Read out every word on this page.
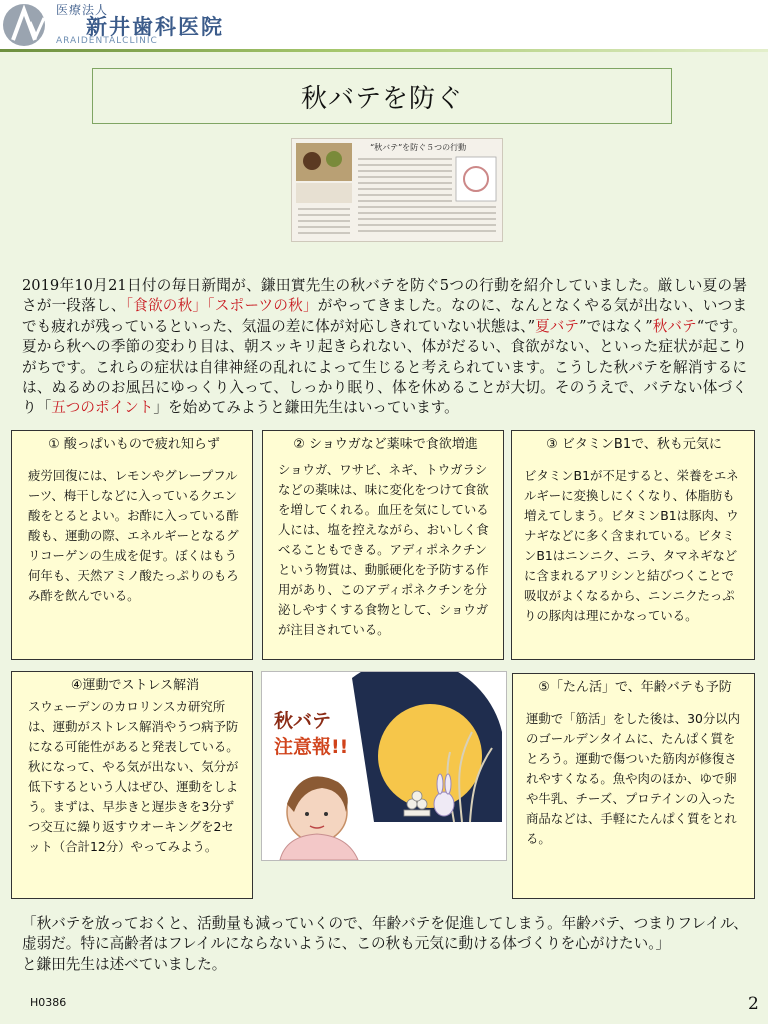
医療法人
新井歯科医院
ARAIDENTALCLINIC
秋バテを防ぐ
“秋バテ”を防ぐ５つの行動
2019年10月21日付の毎日新聞が、鎌田實先生の秋バテを防ぐ5つの行動を紹介していました。厳しい夏の暑さが一段落し、「食欲の秋」「スポーツの秋」がやってきました。なのに、なんとなくやる気が出ない、いつまでも疲れが残っているといった、気温の差に体が対応しきれていない状態は、”夏バテ”ではなく”秋バテ“です。夏から秋への季節の変わり目は、朝スッキリ起きられない、体がだるい、食欲がない、といった症状が起こりがちです。これらの症状は自律神経の乱れによって生じると考えられています。こうした秋バテを解消するには、ぬるめのお風呂にゆっくり入って、しっかり眠り、体を休めることが大切。そのうえで、バテない体づくり「五つのポイント」を始めてみようと鎌田先生はいっています。
① 酸っぱいもので疲れ知らず
疲労回復には、レモンやグレープフルーツ、梅干しなどに入っているクエン酸をとるとよい。お酢に入っている酢酸も、運動の際、エネルギーとなるグリコーゲンの生成を促す。ぼくはもう何年も、天然アミノ酸たっぷりのもろみ酢を飲んでいる。
② ショウガなど薬味で食欲増進
ショウガ、ワサビ、ネギ、トウガラシなどの薬味は、味に変化をつけて食欲を増してくれる。血圧を気にしている人には、塩を控えながら、おいしく食べることもできる。アディポネクチンという物質は、動脈硬化を予防する作用があり、このアディポネクチンを分泌しやすくする食物として、ショウガが注目されている。
③ ビタミンB1で、秋も元気に
ビタミンB1が不足すると、栄養をエネルギーに変換しにくくなり、体脂肪も増えてしまう。ビタミンB1は豚肉、ウナギなどに多く含まれている。ビタミンB1はニンニク、ニラ、タマネギなどに含まれるアリシンと結びつくことで吸収がよくなるから、ニンニクたっぷりの豚肉は理にかなっている。
④運動でストレス解消
スウェーデンのカロリンスカ研究所は、運動がストレス解消やうつ病予防になる可能性があると発表している。秋になって、やる気が出ない、気分が低下するという人はぜひ、運動をしよう。まずは、早歩きと遅歩きを3分ずつ交互に繰り返すウオーキングを2セット（合計12分）やってみよう。
秋バテ
注意報!!
⑤「たん活」で、年齢バテも予防
運動で「筋活」をした後は、30分以内のゴールデンタイムに、たんぱく質をとろう。運動で傷ついた筋肉が修復されやすくなる。魚や肉のほか、ゆで卵や牛乳、チーズ、プロテインの入った商品などは、手軽にたんぱく質をとれる。
「秋バテを放っておくと、活動量も減っていくので、年齢バテを促進してしまう。年齢バテ、つまりフレイル、虚弱だ。特に高齢者はフレイルにならないように、この秋も元気に動ける体づくりを心がけたい。」
と鎌田先生は述べていました。
H0386	2
